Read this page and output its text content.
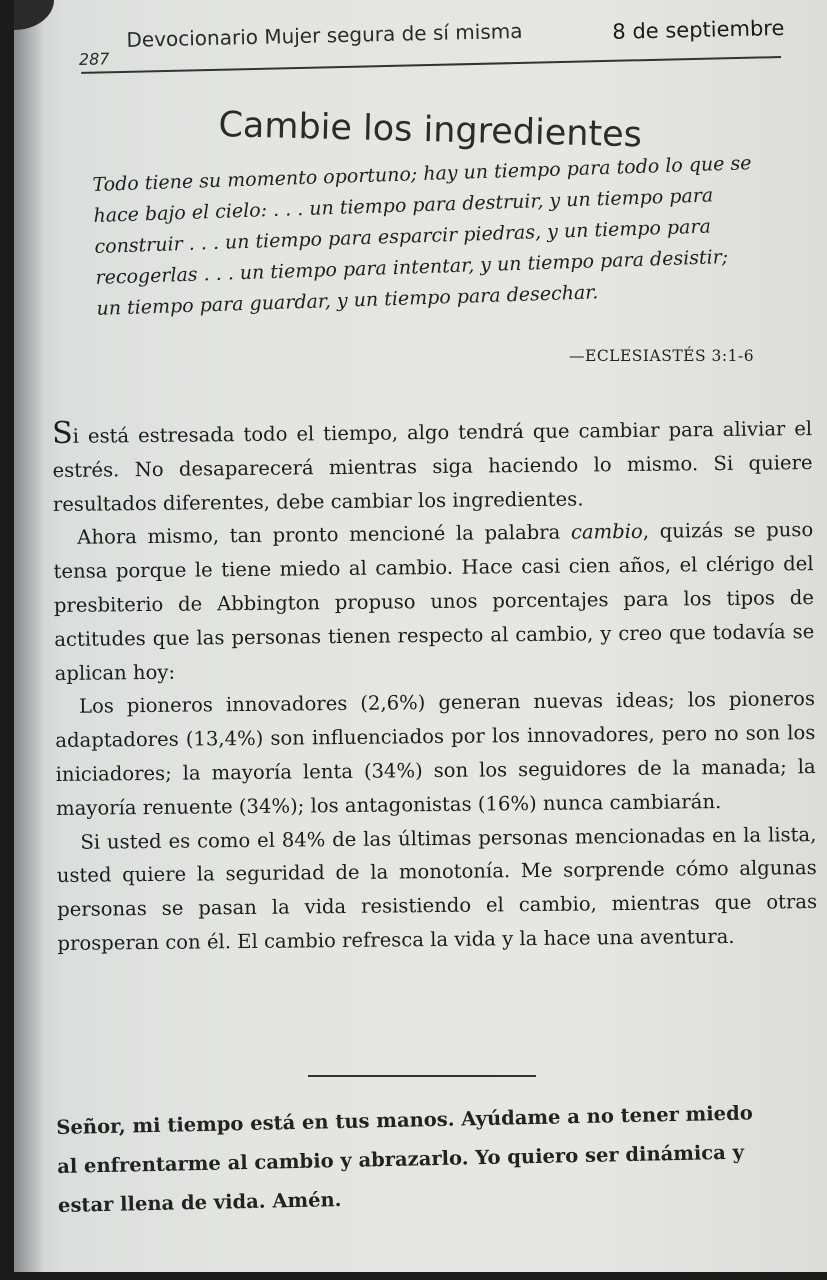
287
Devocionario Mujer segura de sí misma	8 de septiembre
Cambie los ingredientes
Todo tiene su momento oportuno; hay un tiempo para todo lo que se hace bajo el cielo: . . . un tiempo para destruir, y un tiempo para construir . . . un tiempo para esparcir piedras, y un tiempo para recogerlas . . . un tiempo para intentar, y un tiempo para desistir; un tiempo para guardar, y un tiempo para desechar.
—ECLESIASTÉS 3:1-6

Si está estresada todo el tiempo, algo tendrá que cambiar para aliviar el estrés. No desaparecerá mientras siga haciendo lo mismo. Si quiere resultados diferentes, debe cambiar los ingredientes.

Ahora mismo, tan pronto mencioné la palabra cambio, quizás se puso tensa porque le tiene miedo al cambio. Hace casi cien años, el clérigo del presbiterio de Abbington propuso unos porcentajes para los tipos de actitudes que las personas tienen respecto al cambio, y creo que todavía se aplican hoy:

Los pioneros innovadores (2,6%) generan nuevas ideas; los pioneros adaptadores (13,4%) son influenciados por los innovadores, pero no son los iniciadores; la mayoría lenta (34%) son los seguidores de la manada; la mayoría renuente (34%); los antagonistas (16%) nunca cambiarán.

Si usted es como el 84% de las últimas personas mencionadas en la lista, usted quiere la seguridad de la monotonía. Me sorprende cómo algunas personas se pasan la vida resistiendo el cambio, mientras que otras prosperan con él. El cambio refresca la vida y la hace una aventura.

Señor, mi tiempo está en tus manos. Ayúdame a no tener miedo al enfrentarme al cambio y abrazarlo. Yo quiero ser dinámica y estar llena de vida. Amén.
